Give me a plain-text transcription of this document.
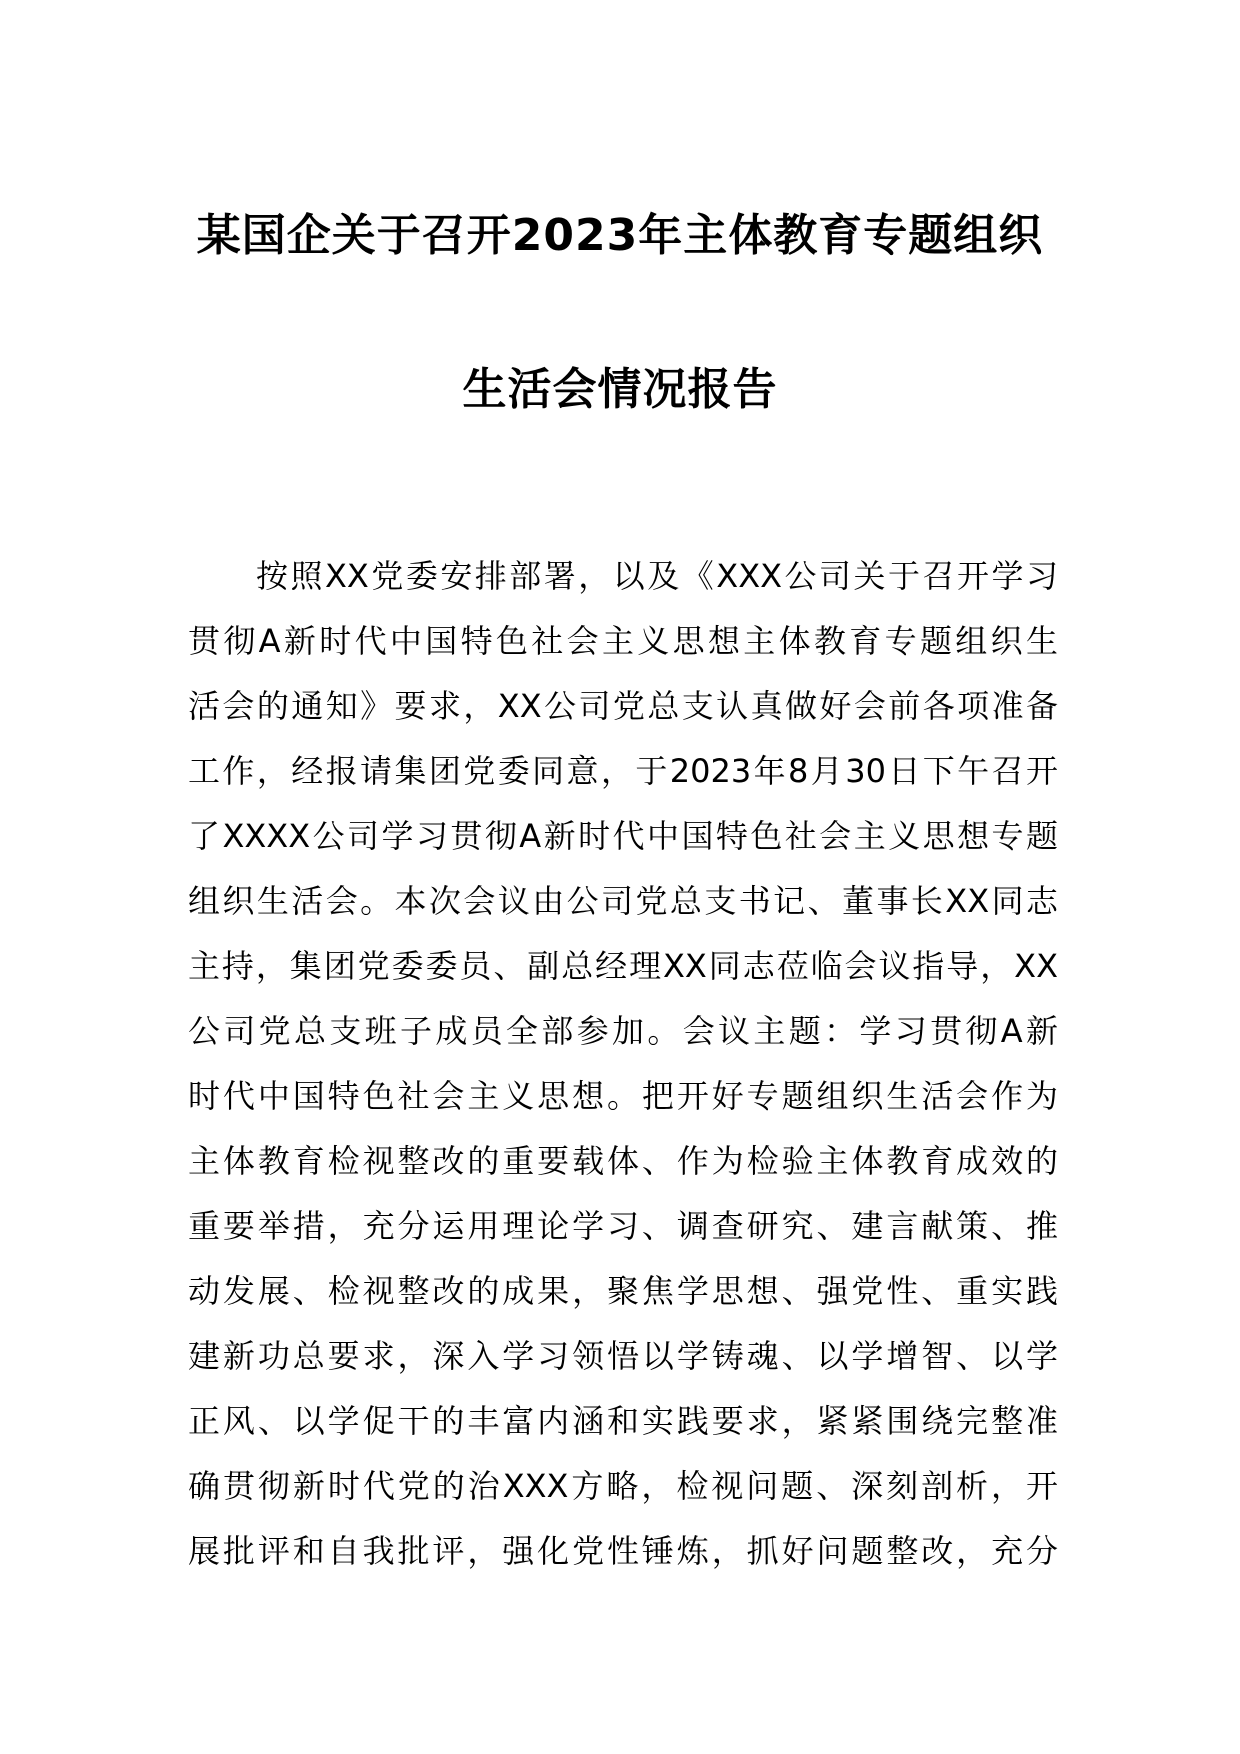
某国企关于召开2023年主体教育专题组织
生活会情况报告
按照XX党委安排部署，以及《XXX公司关于召开学习
贯彻A新时代中国特色社会主义思想主体教育专题组织生
活会的通知》要求，XX公司党总支认真做好会前各项准备
工作，经报请集团党委同意，于2023年8月30日下午召开
了XXXX公司学习贯彻A新时代中国特色社会主义思想专题
组织生活会。本次会议由公司党总支书记、董事长XX同志
主持，集团党委委员、副总经理XX同志莅临会议指导，XX
公司党总支班子成员全部参加。会议主题：学习贯彻A新
时代中国特色社会主义思想。把开好专题组织生活会作为
主体教育检视整改的重要载体、作为检验主体教育成效的
重要举措，充分运用理论学习、调查研究、建言献策、推
动发展、检视整改的成果，聚焦学思想、强党性、重实践
建新功总要求，深入学习领悟以学铸魂、以学增智、以学
正风、以学促干的丰富内涵和实践要求，紧紧围绕完整准
确贯彻新时代党的治XXX方略，检视问题、深刻剖析，开
展批评和自我批评，强化党性锤炼，抓好问题整改，充分
